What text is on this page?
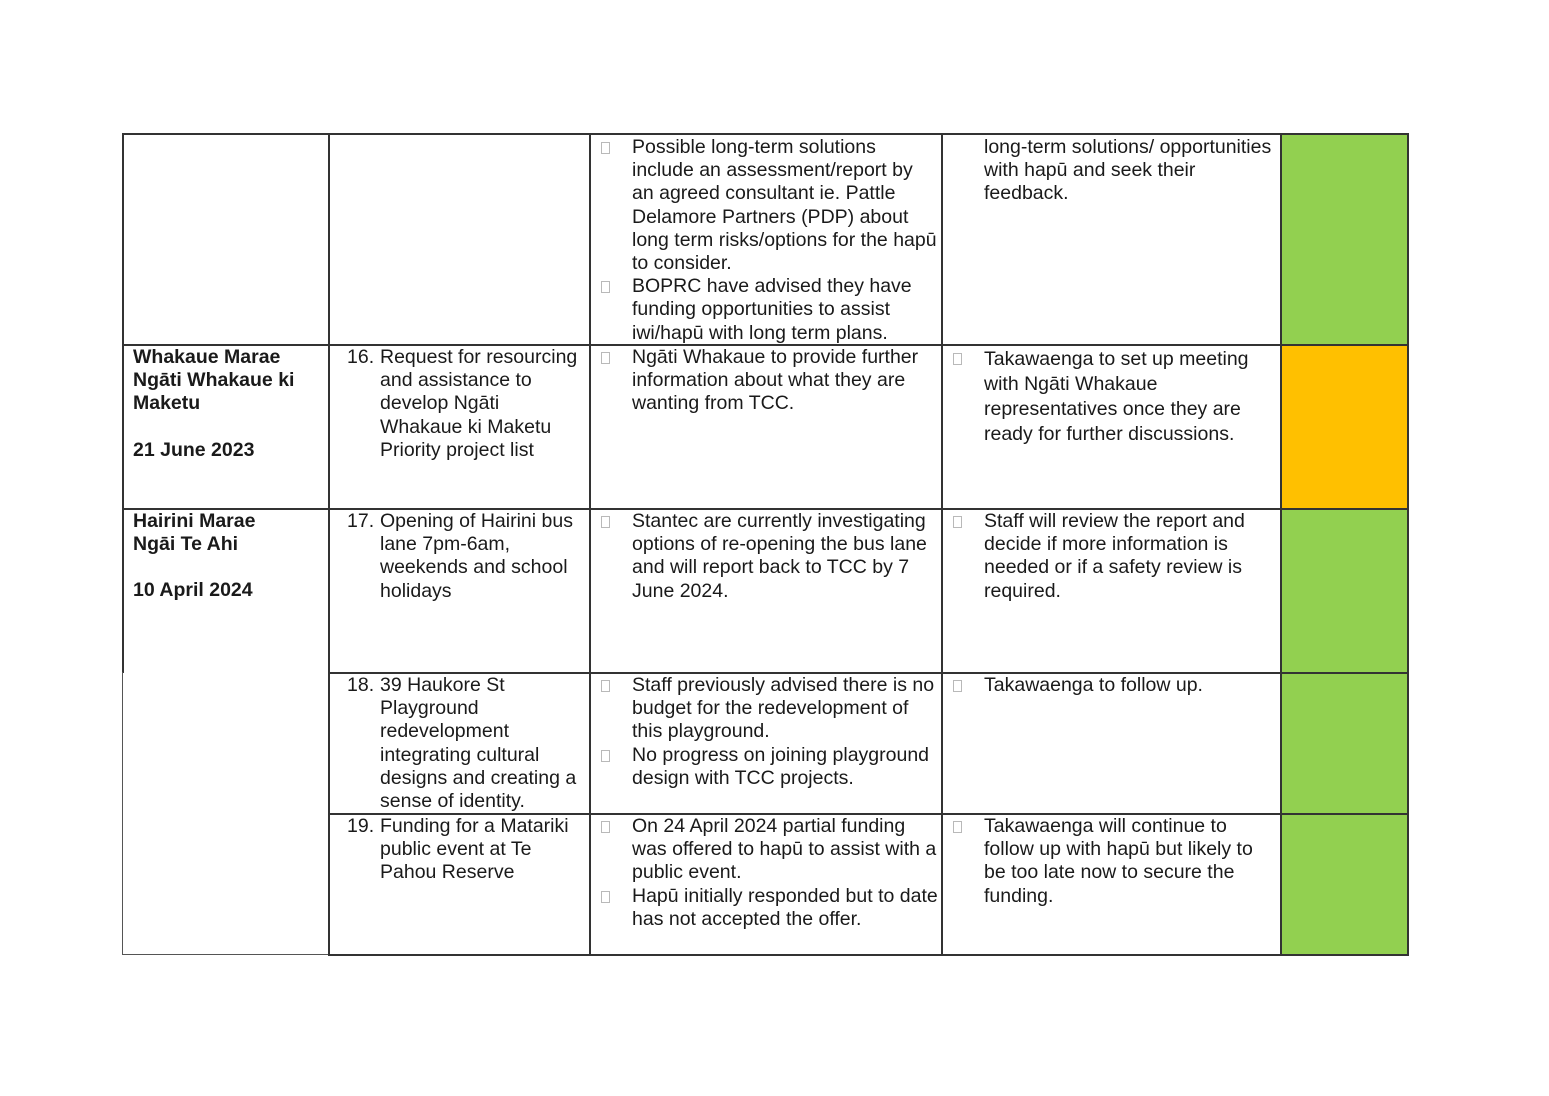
Possible long-term solutions include an assessment/report by an agreed consultant ie. Pattle Delamore Partners (PDP) about long term risks/options for the hapū to consider.
BOPRC have advised they have funding opportunities to assist iwi/hapū with long term plans.
long-term solutions/ opportunities with hapū and seek their feedback.
Whakaue Marae
Ngāti Whakaue ki Maketu
21 June 2023
16. Request for resourcing and assistance to develop Ngāti Whakaue ki Maketu Priority project list
Ngāti Whakaue to provide further information about what they are wanting from TCC.
Takawaenga to set up meeting with Ngāti Whakaue representatives once they are ready for further discussions.
Hairini Marae
Ngāi Te Ahi
10 April 2024
17. Opening of Hairini bus lane 7pm-6am, weekends and school holidays
Stantec are currently investigating options of re-opening the bus lane and will report back to TCC by 7 June 2024.
Staff will review the report and decide if more information is needed or if a safety review is required.
18. 39 Haukore St Playground redevelopment integrating cultural designs and creating a sense of identity.
Staff previously advised there is no budget for the redevelopment of this playground.
No progress on joining playground design with TCC projects.
Takawaenga to follow up.
19. Funding for a Matariki public event at Te Pahou Reserve
On 24 April 2024 partial funding was offered to hapū to assist with a public event.
Hapū initially responded but to date has not accepted the offer.
Takawaenga will continue to follow up with hapū but likely to be too late now to secure the funding.
